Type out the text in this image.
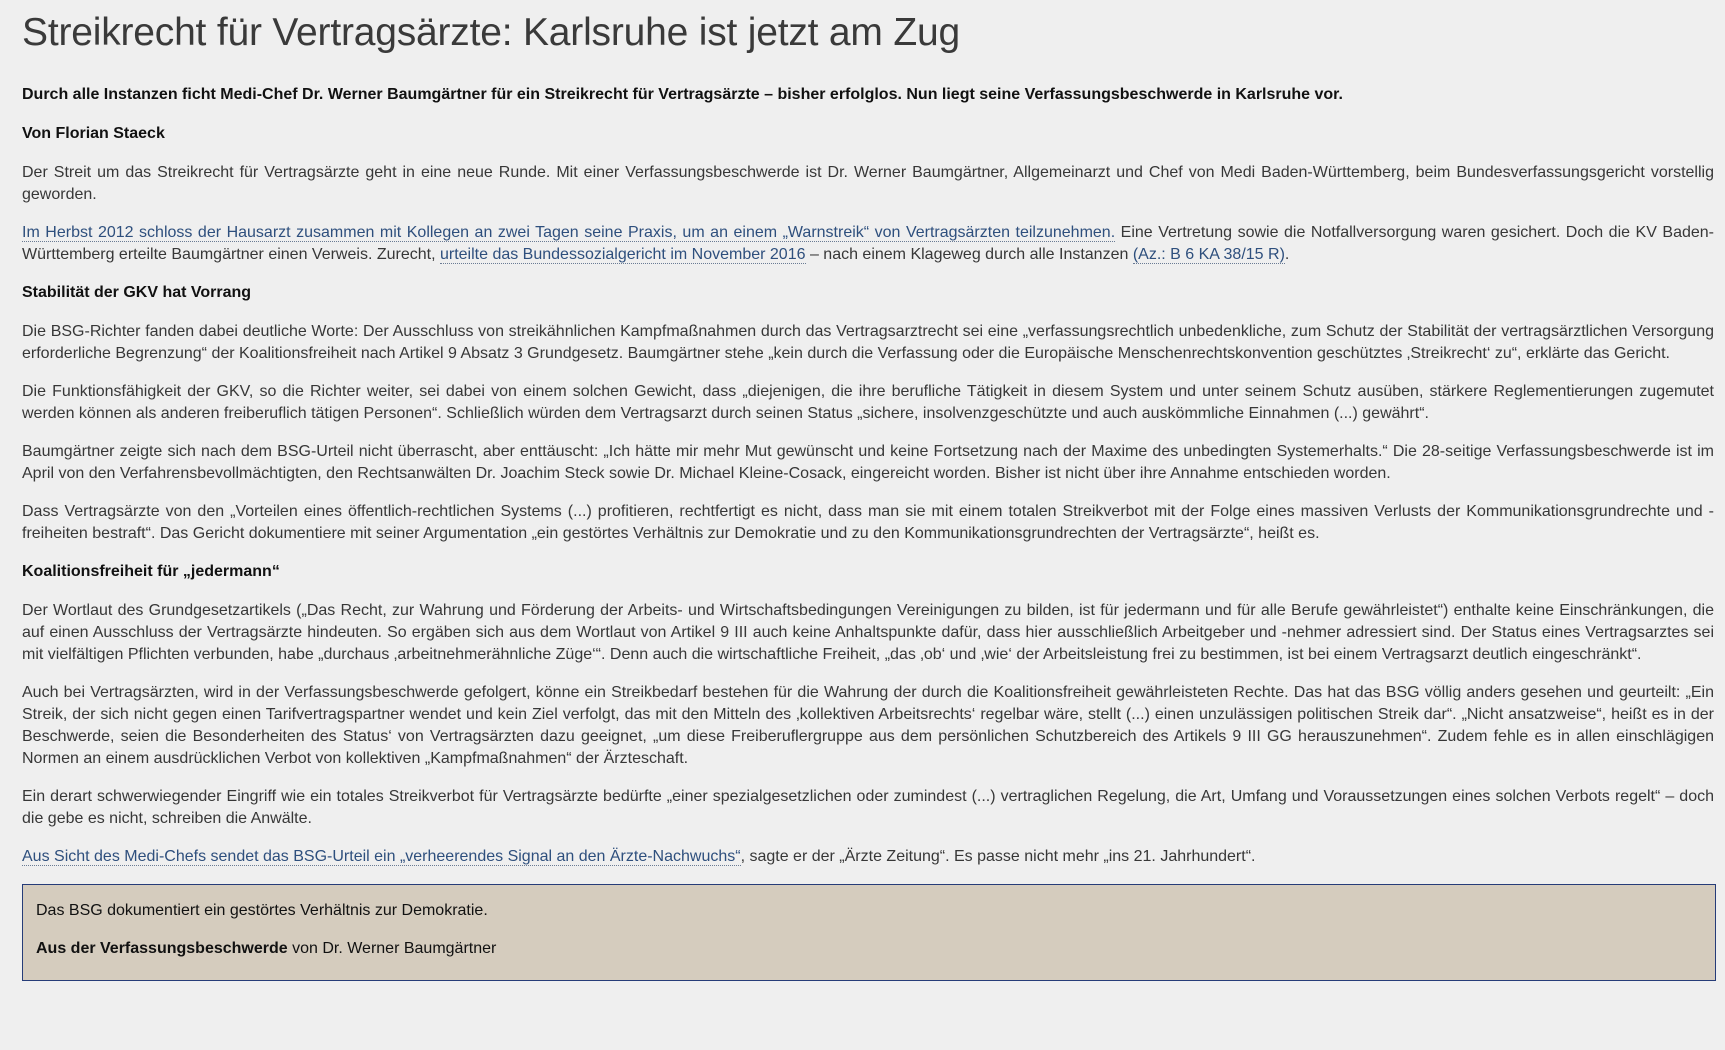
Streikrecht für Vertragsärzte: Karlsruhe ist jetzt am Zug

Durch alle Instanzen ficht Medi-Chef Dr. Werner Baumgärtner für ein Streikrecht für Vertragsärzte – bisher erfolglos. Nun liegt seine Verfassungsbeschwerde in Karlsruhe vor.

Von Florian Staeck

Der Streit um das Streikrecht für Vertragsärzte geht in eine neue Runde. Mit einer Verfassungsbeschwerde ist Dr. Werner Baumgärtner, Allgemeinarzt und Chef von Medi Baden-Württemberg, beim Bundesverfassungsgericht vorstellig geworden.

Im Herbst 2012 schloss der Hausarzt zusammen mit Kollegen an zwei Tagen seine Praxis, um an einem „Warnstreik“ von Vertragsärzten teilzunehmen. Eine Vertretung sowie die Notfallversorgung waren gesichert. Doch die KV Baden-Württemberg erteilte Baumgärtner einen Verweis. Zurecht, urteilte das Bundessozialgericht im November 2016 – nach einem Klageweg durch alle Instanzen (Az.: B 6 KA 38/15 R).

Stabilität der GKV hat Vorrang

Die BSG-Richter fanden dabei deutliche Worte: Der Ausschluss von streikähnlichen Kampfmaßnahmen durch das Vertragsarztrecht sei eine „verfassungsrechtlich unbedenkliche, zum Schutz der Stabilität der vertragsärztlichen Versorgung erforderliche Begrenzung“ der Koalitionsfreiheit nach Artikel 9 Absatz 3 Grundgesetz. Baumgärtner stehe „kein durch die Verfassung oder die Europäische Menschenrechtskonvention geschütztes ‚Streikrecht‘ zu“, erklärte das Gericht.

Die Funktionsfähigkeit der GKV, so die Richter weiter, sei dabei von einem solchen Gewicht, dass „diejenigen, die ihre berufliche Tätigkeit in diesem System und unter seinem Schutz ausüben, stärkere Reglementierungen zugemutet werden können als anderen freiberuflich tätigen Personen“. Schließlich würden dem Vertragsarzt durch seinen Status „sichere, insolvenzgeschützte und auch auskömmliche Einnahmen (...) gewährt“.

Baumgärtner zeigte sich nach dem BSG-Urteil nicht überrascht, aber enttäuscht: „Ich hätte mir mehr Mut gewünscht und keine Fortsetzung nach der Maxime des unbedingten Systemerhalts.“ Die 28-seitige Verfassungsbeschwerde ist im April von den Verfahrensbevollmächtigten, den Rechtsanwälten Dr. Joachim Steck sowie Dr. Michael Kleine-Cosack, eingereicht worden. Bisher ist nicht über ihre Annahme entschieden worden.

Dass Vertragsärzte von den „Vorteilen eines öffentlich-rechtlichen Systems (...) profitieren, rechtfertigt es nicht, dass man sie mit einem totalen Streikverbot mit der Folge eines massiven Verlusts der Kommunikationsgrundrechte und -freiheiten bestraft“. Das Gericht dokumentiere mit seiner Argumentation „ein gestörtes Verhältnis zur Demokratie und zu den Kommunikationsgrundrechten der Vertragsärzte“, heißt es.

Koalitionsfreiheit für „jedermann“

Der Wortlaut des Grundgesetzartikels („Das Recht, zur Wahrung und Förderung der Arbeits- und Wirtschaftsbedingungen Vereinigungen zu bilden, ist für jedermann und für alle Berufe gewährleistet“) enthalte keine Einschränkungen, die auf einen Ausschluss der Vertragsärzte hindeuten. So ergäben sich aus dem Wortlaut von Artikel 9 III auch keine Anhaltspunkte dafür, dass hier ausschließlich Arbeitgeber und -nehmer adressiert sind. Der Status eines Vertragsarztes sei mit vielfältigen Pflichten verbunden, habe „durchaus ‚arbeitnehmerähnliche Züge‘“. Denn auch die wirtschaftliche Freiheit, „das ‚ob‘ und ‚wie‘ der Arbeitsleistung frei zu bestimmen, ist bei einem Vertragsarzt deutlich eingeschränkt“.

Auch bei Vertragsärzten, wird in der Verfassungsbeschwerde gefolgert, könne ein Streikbedarf bestehen für die Wahrung der durch die Koalitionsfreiheit gewährleisteten Rechte. Das hat das BSG völlig anders gesehen und geurteilt: „Ein Streik, der sich nicht gegen einen Tarifvertragspartner wendet und kein Ziel verfolgt, das mit den Mitteln des ‚kollektiven Arbeitsrechts‘ regelbar wäre, stellt (...) einen unzulässigen politischen Streik dar“. „Nicht ansatzweise“, heißt es in der Beschwerde, seien die Besonderheiten des Status‘ von Vertragsärzten dazu geeignet, „um diese Freiberuflergruppe aus dem persönlichen Schutzbereich des Artikels 9 III GG herauszunehmen“. Zudem fehle es in allen einschlägigen Normen an einem ausdrücklichen Verbot von kollektiven „Kampfmaßnahmen“ der Ärzteschaft.

Ein derart schwerwiegender Eingriff wie ein totales Streikverbot für Vertragsärzte bedürfte „einer spezialgesetzlichen oder zumindest (...) vertraglichen Regelung, die Art, Umfang und Voraussetzungen eines solchen Verbots regelt“ – doch die gebe es nicht, schreiben die Anwälte.

Aus Sicht des Medi-Chefs sendet das BSG-Urteil ein „verheerendes Signal an den Ärzte-Nachwuchs“, sagte er der „Ärzte Zeitung“. Es passe nicht mehr „ins 21. Jahrhundert“.

Das BSG dokumentiert ein gestörtes Verhältnis zur Demokratie.

Aus der Verfassungsbeschwerde von Dr. Werner Baumgärtner
